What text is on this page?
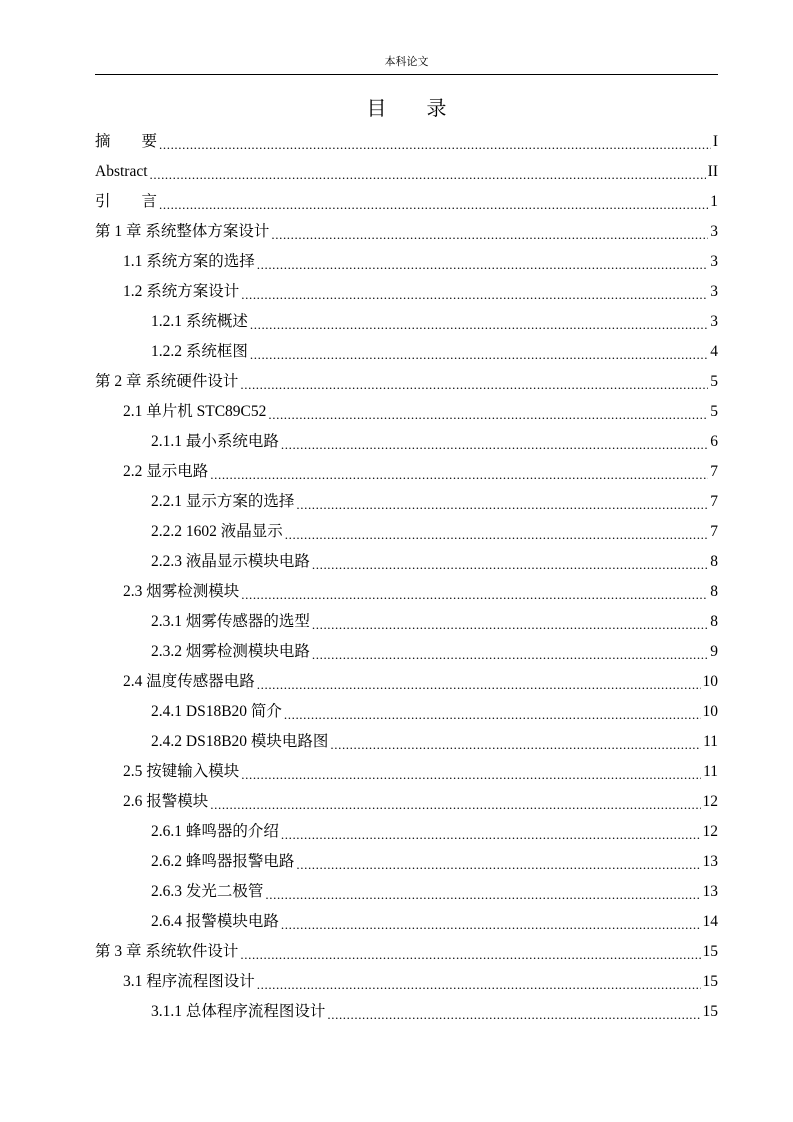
本科论文
目录
摘　　要 .....	I
Abstract .....	II
引　　言 .....	1
第 1 章 系统整体方案设计 .....	3
1.1 系统方案的选择 .....	3
1.2 系统方案设计 .....	3
1.2.1 系统概述 .....	3
1.2.2 系统框图 .....	4
第 2 章 系统硬件设计 .....	5
2.1 单片机 STC89C52 .....	5
2.1.1 最小系统电路 .....	6
2.2 显示电路 .....	7
2.2.1 显示方案的选择 .....	7
2.2.2 1602 液晶显示 .....	7
2.2.3 液晶显示模块电路 .....	8
2.3 烟雾检测模块 .....	8
2.3.1 烟雾传感器的选型 .....	8
2.3.2 烟雾检测模块电路 .....	9
2.4 温度传感器电路 .....	10
2.4.1 DS18B20 简介 .....	10
2.4.2 DS18B20 模块电路图 .....	11
2.5 按键输入模块 .....	11
2.6 报警模块 .....	12
2.6.1 蜂鸣器的介绍 .....	12
2.6.2 蜂鸣器报警电路 .....	13
2.6.3 发光二极管 .....	13
2.6.4 报警模块电路 .....	14
第 3 章 系统软件设计 .....	15
3.1 程序流程图设计 .....	15
3.1.1 总体程序流程图设计 .....	15
